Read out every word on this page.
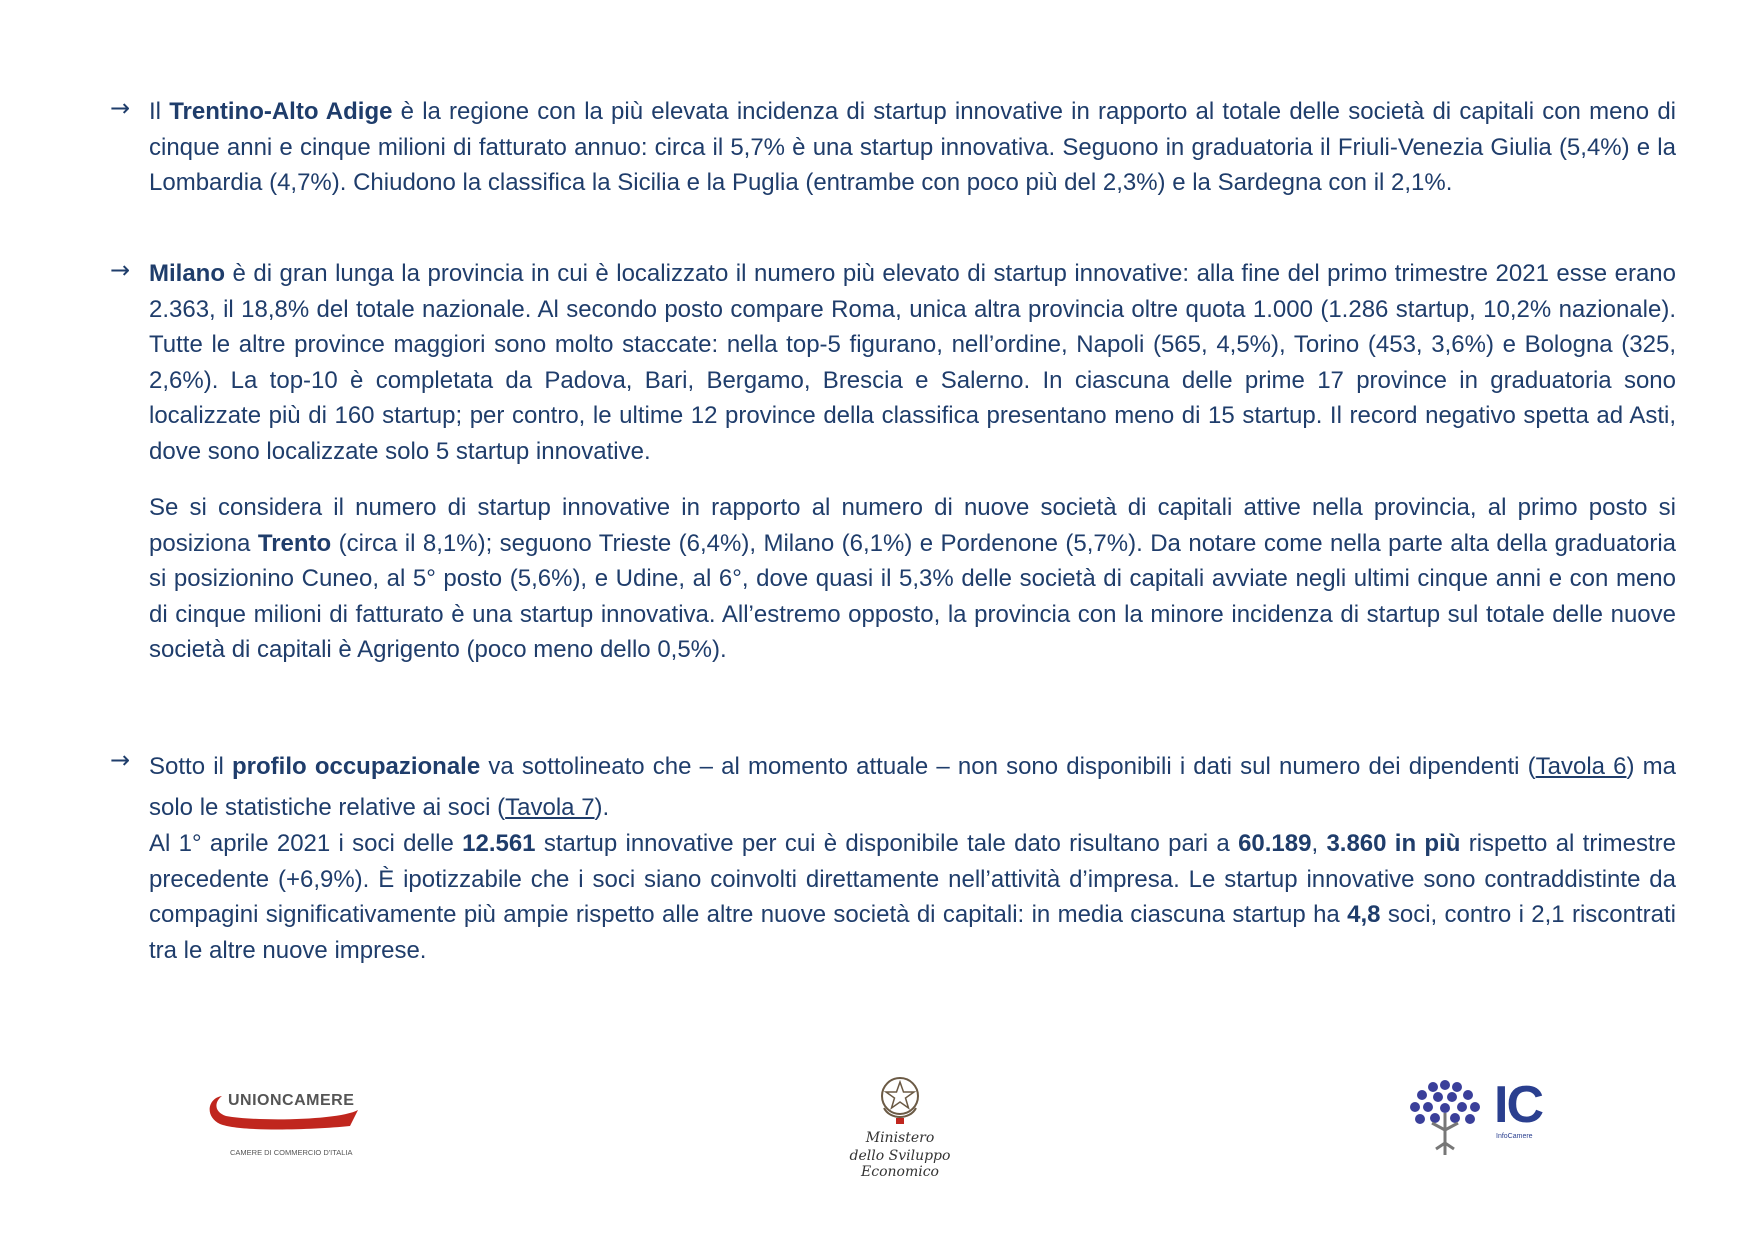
→ Il Trentino-Alto Adige è la regione con la più elevata incidenza di startup innovative in rapporto al totale delle società di capitali con meno di cinque anni e cinque milioni di fatturato annuo: circa il 5,7% è una startup innovativa. Seguono in graduatoria il Friuli-Venezia Giulia (5,4%) e la Lombardia (4,7%). Chiudono la classifica la Sicilia e la Puglia (entrambe con poco più del 2,3%) e la Sardegna con il 2,1%.
→ Milano è di gran lunga la provincia in cui è localizzato il numero più elevato di startup innovative: alla fine del primo trimestre 2021 esse erano 2.363, il 18,8% del totale nazionale. Al secondo posto compare Roma, unica altra provincia oltre quota 1.000 (1.286 startup, 10,2% nazionale). Tutte le altre province maggiori sono molto staccate: nella top-5 figurano, nell’ordine, Napoli (565, 4,5%), Torino (453, 3,6%) e Bologna (325, 2,6%). La top-10 è completata da Padova, Bari, Bergamo, Brescia e Salerno. In ciascuna delle prime 17 province in graduatoria sono localizzate più di 160 startup; per contro, le ultime 12 province della classifica presentano meno di 15 startup. Il record negativo spetta ad Asti, dove sono localizzate solo 5 startup innovative.
Se si considera il numero di startup innovative in rapporto al numero di nuove società di capitali attive nella provincia, al primo posto si posiziona Trento (circa il 8,1%); seguono Trieste (6,4%), Milano (6,1%) e Pordenone (5,7%). Da notare come nella parte alta della graduatoria si posizionino Cuneo, al 5° posto (5,6%), e Udine, al 6°, dove quasi il 5,3% delle società di capitali avviate negli ultimi cinque anni e con meno di cinque milioni di fatturato è una startup innovativa. All’estremo opposto, la provincia con la minore incidenza di startup sul totale delle nuove società di capitali è Agrigento (poco meno dello 0,5%).
→ Sotto il profilo occupazionale va sottolineato che – al momento attuale – non sono disponibili i dati sul numero dei dipendenti (Tavola 6) ma solo le statistiche relative ai soci (Tavola 7).
Al 1° aprile 2021 i soci delle 12.561 startup innovative per cui è disponibile tale dato risultano pari a 60.189, 3.860 in più rispetto al trimestre precedente (+6,9%). È ipotizzabile che i soci siano coinvolti direttamente nell’attività d’impresa. Le startup innovative sono contraddistinte da compagini significativamente più ampie rispetto alle altre nuove società di capitali: in media ciascuna startup ha 4,8 soci, contro i 2,1 riscontrati tra le altre nuove imprese.
UNIONCAMERE
CAMERE DI COMMERCIO D'ITALIA
Ministero
dello Sviluppo Economico
IC
InfoCamere
